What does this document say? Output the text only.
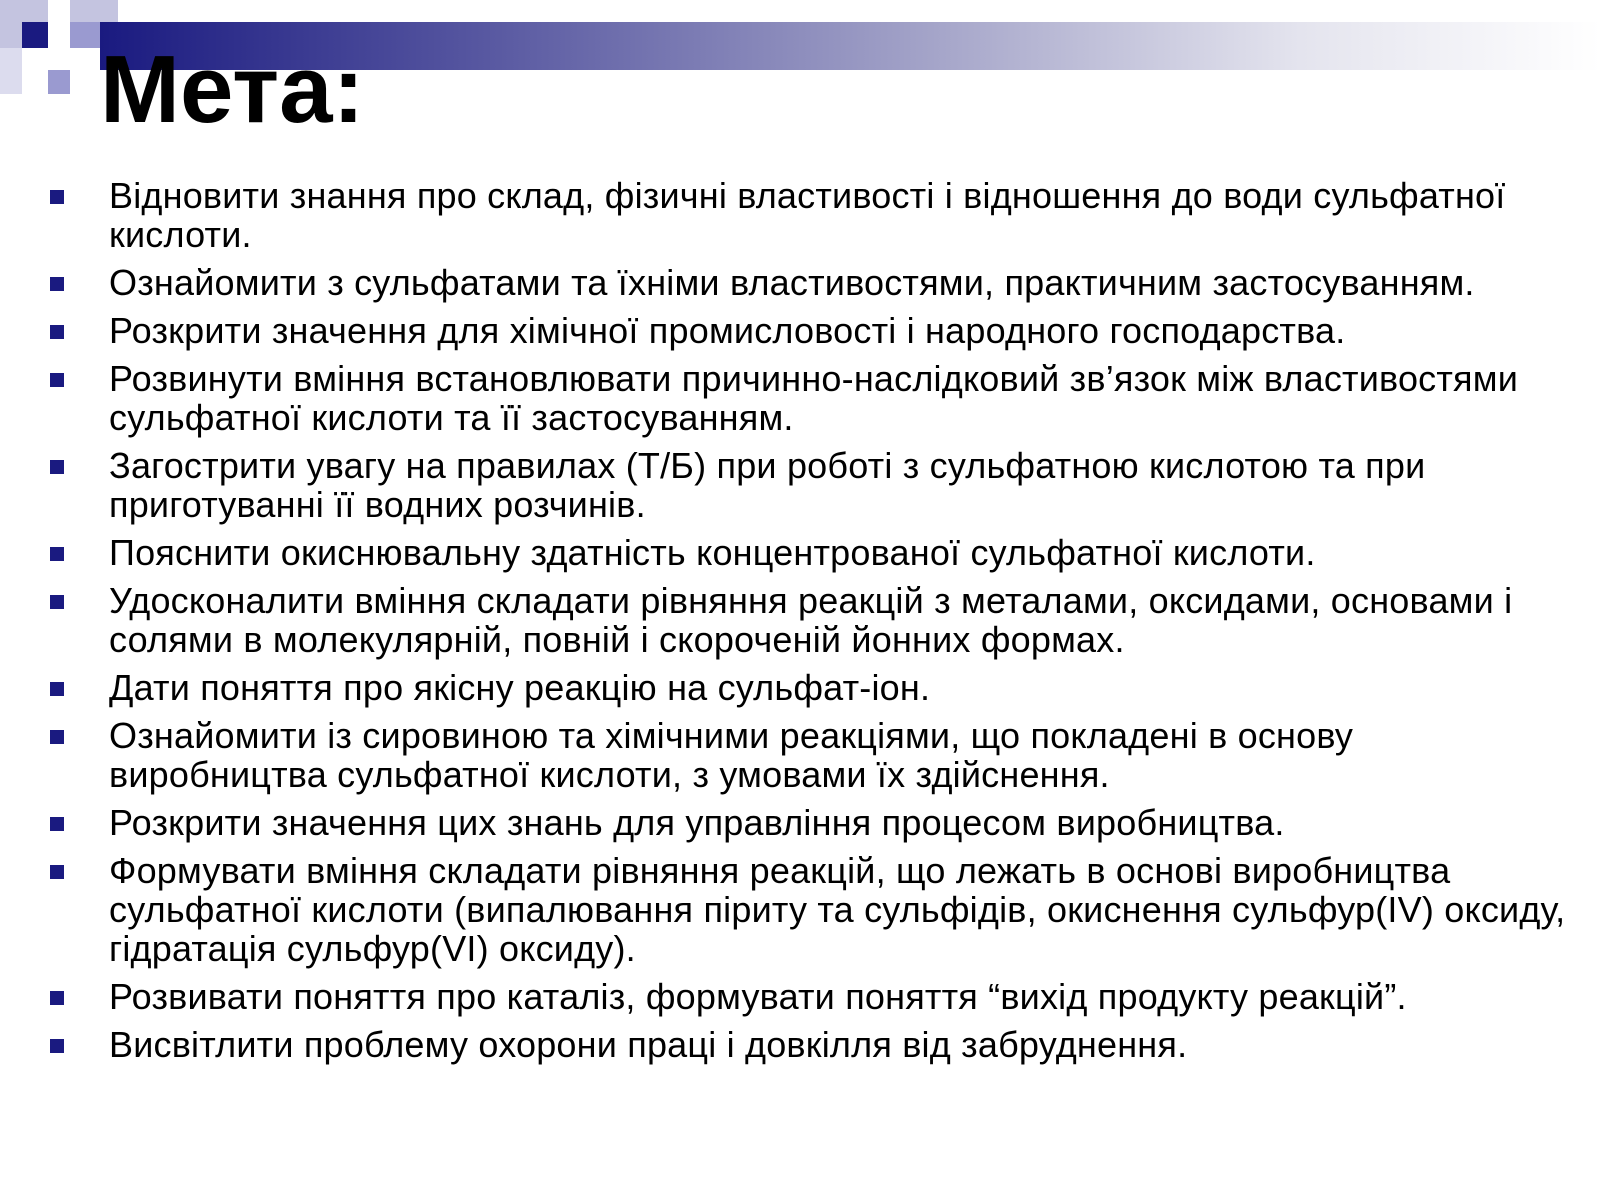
Мета:
Відновити знання про склад, фізичні властивості і відношення до води сульфатної кислоти.
Ознайомити з сульфатами та їхніми властивостями, практичним застосуванням.
Розкрити значення для хімічної промисловості і народного господарства.
Розвинути вміння встановлювати причинно-наслідковий зв’язок між властивостями сульфатної кислоти та її застосуванням.
Загострити увагу на правилах (Т/Б) при роботі з сульфатною кислотою та при приготуванні її водних розчинів.
Пояснити окиснювальну здатність концентрованої сульфатної кислоти.
Удосконалити вміння складати рівняння реакцій з металами, оксидами, основами і солями в молекулярній, повній і скороченій йонних формах.
Дати поняття про якісну реакцію на сульфат-іон.
Ознайомити із сировиною та хімічними реакціями, що покладені в основу виробництва сульфатної кислоти, з умовами їх здійснення.
Розкрити значення цих знань для управління процесом виробництва.
Формувати вміння складати рівняння реакцій, що лежать в основі виробництва сульфатної кислоти (випалювання піриту та сульфідів, окиснення сульфур(IV) оксиду, гідратація сульфур(VI) оксиду).
Розвивати поняття про каталіз, формувати поняття “вихід продукту реакцій”.
Висвітлити проблему охорони праці і довкілля від забруднення.
